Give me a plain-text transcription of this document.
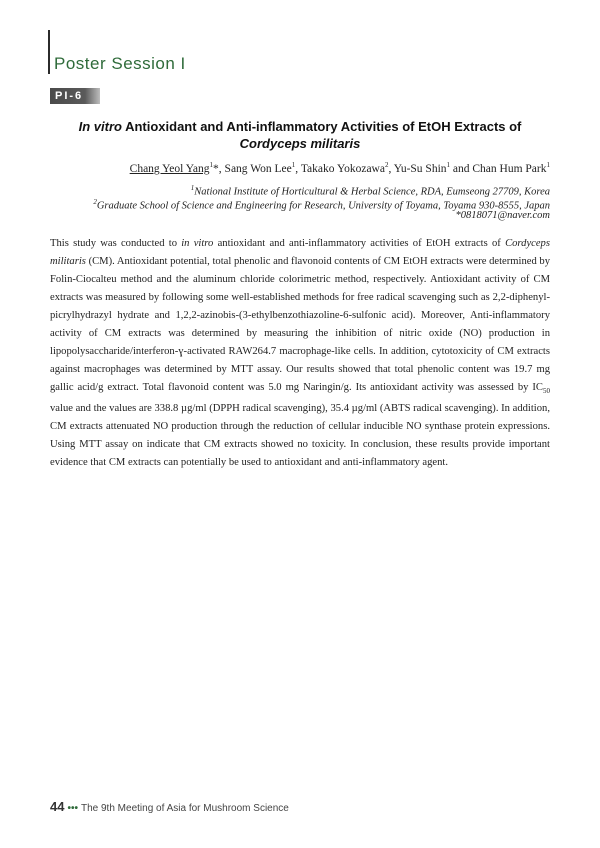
Poster Session I
PI-6
In vitro Antioxidant and Anti-inflammatory Activities of EtOH Extracts of
Cordyceps militaris
Chang Yeol Yang$^1$*, Sang Won Lee$^1$, Takako Yokozawa$^2$, Yu-Su Shin$^1$ and Chan Hum Park$^1$
$^1$National Institute of Horticultural & Herbal Science, RDA, Eumseong 27709, Korea
$^2$Graduate School of Science and Engineering for Research, University of Toyama, Toyama 930-8555, Japan
*0818071@naver.com
This study was conducted to in vitro antioxidant and anti-inflammatory activities of EtOH extracts of Cordyceps militaris (CM). Antioxidant potential, total phenolic and flavonoid contents of CM EtOH extracts were determined by Folin-Ciocalteu method and the aluminum chloride colorimetric method, respectively. Antioxidant activity of CM extracts was measured by following some well-established methods for free radical scavenging such as 2,2-diphenyl-picrylhydrazyl hydrate and 1,2,2-azinobis-(3-ethylbenzothiazoline-6-sulfonic acid). Moreover, Anti-inflammatory activity of CM extracts was determined by measuring the inhibition of nitric oxide (NO) production in lipopolysaccharide/interferon-ɣ-activated RAW264.7 macrophage-like cells. In addition, cytotoxicity of CM extracts against macrophages was determined by MTT assay. Our results showed that total phenolic content was 19.7 mg gallic acid/g extract. Total flavonoid content was 5.0 mg Naringin/g. Its antioxidant activity was assessed by $IC_{50}$ value and the values are 338.8 µg/ml (DPPH radical scavenging), 35.4 µg/ml (ABTS radical scavenging). In addition, CM extracts attenuated NO production through the reduction of cellular inducible NO synthase protein expressions. Using MTT assay on indicate that CM extracts showed no toxicity. In conclusion, these results provide important evidence that CM extracts can potentially be used to antioxidant and anti-inflammatory agent.
44 ••• The 9th Meeting of Asia for Mushroom Science
